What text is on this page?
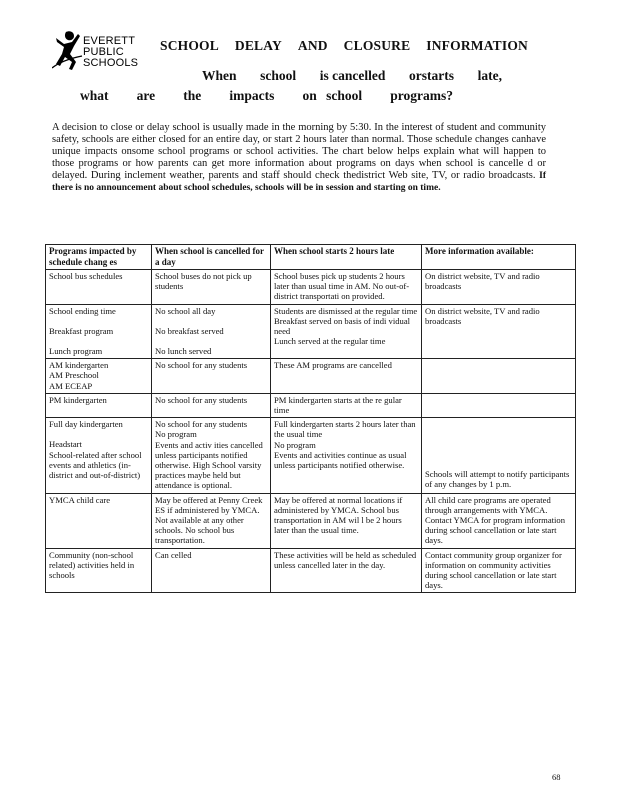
EVERETT
PUBLIC
SCHOOLS
SCHOOL DELAY AND CLOSURE INFORMATION
When school is cancelled orstarts late,
what   are   the   impacts   on school   programs?

A decision to close or delay school is usually made in the morning by 5:30. In the interest of student and community safety, schools are either closed for an entire day, or start 2 hours later than normal. Those schedule changes canhave unique impacts onsome school programs or school activities. The chart below helps explain what will happen to those programs or how parents can get more information about programs on days when school is cancelle d or delayed. During inclement weather, parents and staff should check thedistrict Web site, TV, or radio broadcasts. If there is no announcement about school schedules, schools will be in session and starting on time.

Programs impacted by schedule chang es	When school is cancelled for a day	When school starts 2 hours late	More information available:

School bus schedules	School buses do not pick up students	School buses pick up students 2 hours later than usual time in AM. No out-of-district transportati on provided.	On district website, TV and radio broadcasts

School ending time
Breakfast program
Lunch program	No school all day
No breakfast served
No lunch served	Students are dismissed at the regular time
Breakfast served on basis of indi vidual need
Lunch served at the regular time	On district website, TV and radio broadcasts

AM kindergarten
AM Preschool
AM ECEAP	No school for any students	These AM programs are cancelled	

PM kindergarten	No school for any students	PM kindergarten starts at the re gular time	

Full day kindergarten
Headstart
School-related after school events and athletics (in-district and out-of-district)	No school for any students
No program
Events and activ ities cancelled unless participants notified otherwise. High School varsity practices maybe held but attendance is optional.	Full kindergarten starts 2 hours later than the usual time
No program
Events and activities continue as usual unless participants notified otherwise.	Schools will attempt to notify participants of any changes by 1 p.m.

YMCA child care	May be offered at Penny Creek ES if administered by YMCA. Not available at any other schools. No school bus transportation.	May be offered at normal locations if administered by YMCA. School bus transportation in AM wil l be 2 hours later than the usual time.	All child care programs are operated through arrangements with YMCA. Contact YMCA for program information during school cancellation or late start days.

Community (non-school related) activities held in schools	Can celled	These activities will be held as scheduled unless cancelled later in the day.	Contact community group organizer for information on community activities during school cancellation or late start days.
68
